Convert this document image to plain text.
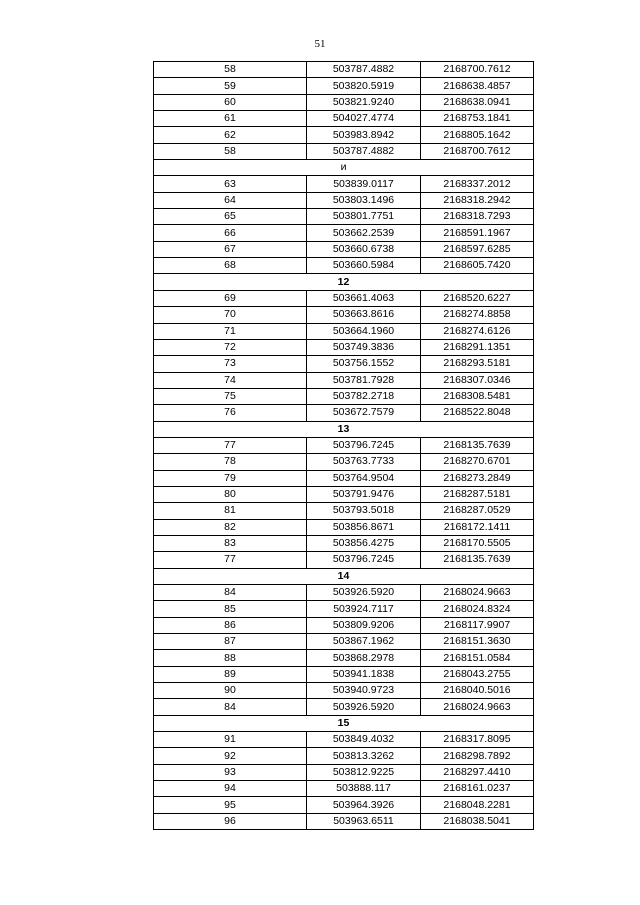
51
58	503787.4882	2168700.7612
59	503820.5919	2168638.4857
60	503821.9240	2168638.0941
61	504027.4774	2168753.1841
62	503983.8942	2168805.1642
58	503787.4882	2168700.7612
и		
63	503839.0117	2168337.2012
64	503803.1496	2168318.2942
65	503801.7751	2168318.7293
66	503662.2539	2168591.1967
67	503660.6738	2168597.6285
68	503660.5984	2168605.7420
12		
69	503661.4063	2168520.6227
70	503663.8616	2168274.8858
71	503664.1960	2168274.6126
72	503749.3836	2168291.1351
73	503756.1552	2168293.5181
74	503781.7928	2168307.0346
75	503782.2718	2168308.5481
76	503672.7579	2168522.8048
13		
77	503796.7245	2168135.7639
78	503763.7733	2168270.6701
79	503764.9504	2168273.2849
80	503791.9476	2168287.5181
81	503793.5018	2168287.0529
82	503856.8671	2168172.1411
83	503856.4275	2168170.5505
77	503796.7245	2168135.7639
14		
84	503926.5920	2168024.9663
85	503924.7117	2168024.8324
86	503809.9206	2168117.9907
87	503867.1962	2168151.3630
88	503868.2978	2168151.0584
89	503941.1838	2168043.2755
90	503940.9723	2168040.5016
84	503926.5920	2168024.9663
15		
91	503849.4032	2168317.8095
92	503813.3262	2168298.7892
93	503812.9225	2168297.4410
94	503888.117	2168161.0237
95	503964.3926	2168048.2281
96	503963.6511	2168038.5041
